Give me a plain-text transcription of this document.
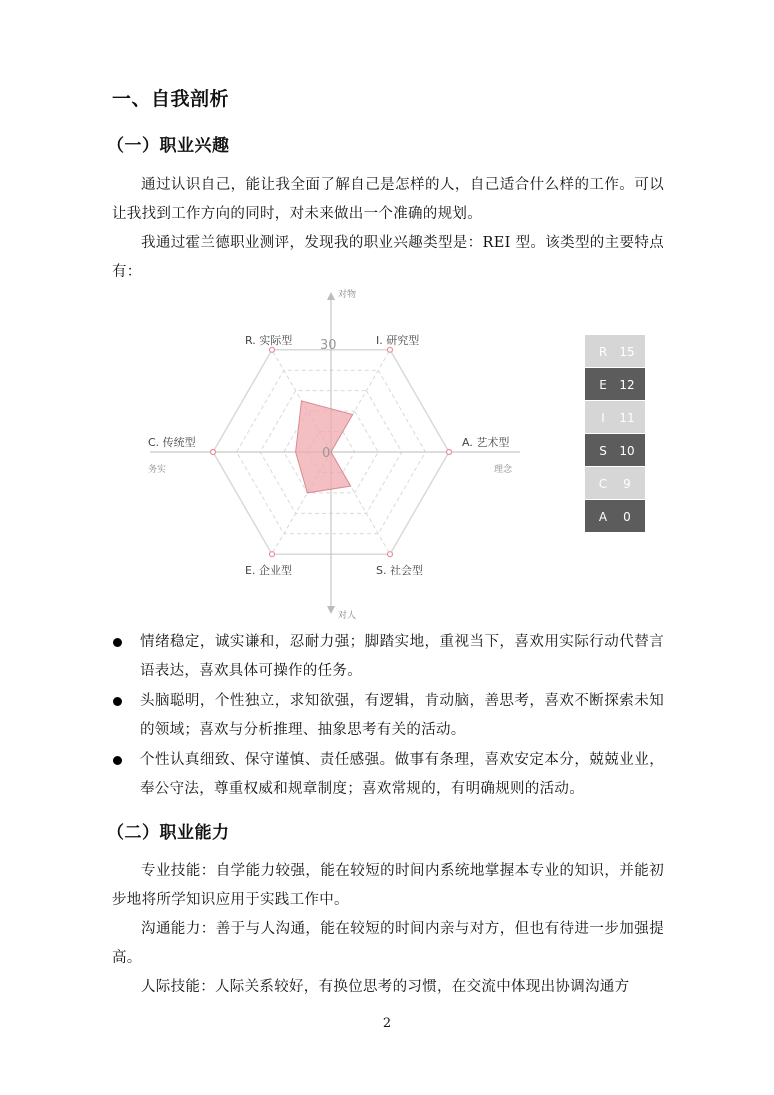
一、自我剖析
（一）职业兴趣

通过认识自己，能让我全面了解自己是怎样的人，自己适合什么样的工作。可以让我找到工作方向的同时，对未来做出一个准确的规划。

我通过霍兰德职业测评，发现我的职业兴趣类型是：REI 型。该类型的主要特点有：

I. 研究型
A. 艺术型
S. 社会型
E. 企业型
C. 传统型
R. 实际型 30
0
对物
对人
务实	理念
R 15
E 12
I 11
S 10
C 9
A 0
情绪稳定，诚实谦和，忍耐力强；脚踏实地，重视当下，喜欢用实际行动代替言语表达，喜欢具体可操作的任务。
头脑聪明，个性独立，求知欲强，有逻辑，肯动脑，善思考，喜欢不断探索未知的领域；喜欢与分析推理、抽象思考有关的活动。
个性认真细致、保守谨慎、责任感强。做事有条理，喜欢安定本分，兢兢业业，奉公守法，尊重权威和规章制度；喜欢常规的，有明确规则的活动。
（二）职业能力

专业技能：自学能力较强，能在较短的时间内系统地掌握本专业的知识，并能初步地将所学知识应用于实践工作中。

沟通能力：善于与人沟通，能在较短的时间内亲与对方，但也有待进一步加强提高。

人际技能：人际关系较好，有换位思考的习惯，在交流中体现出协调沟通方

2
